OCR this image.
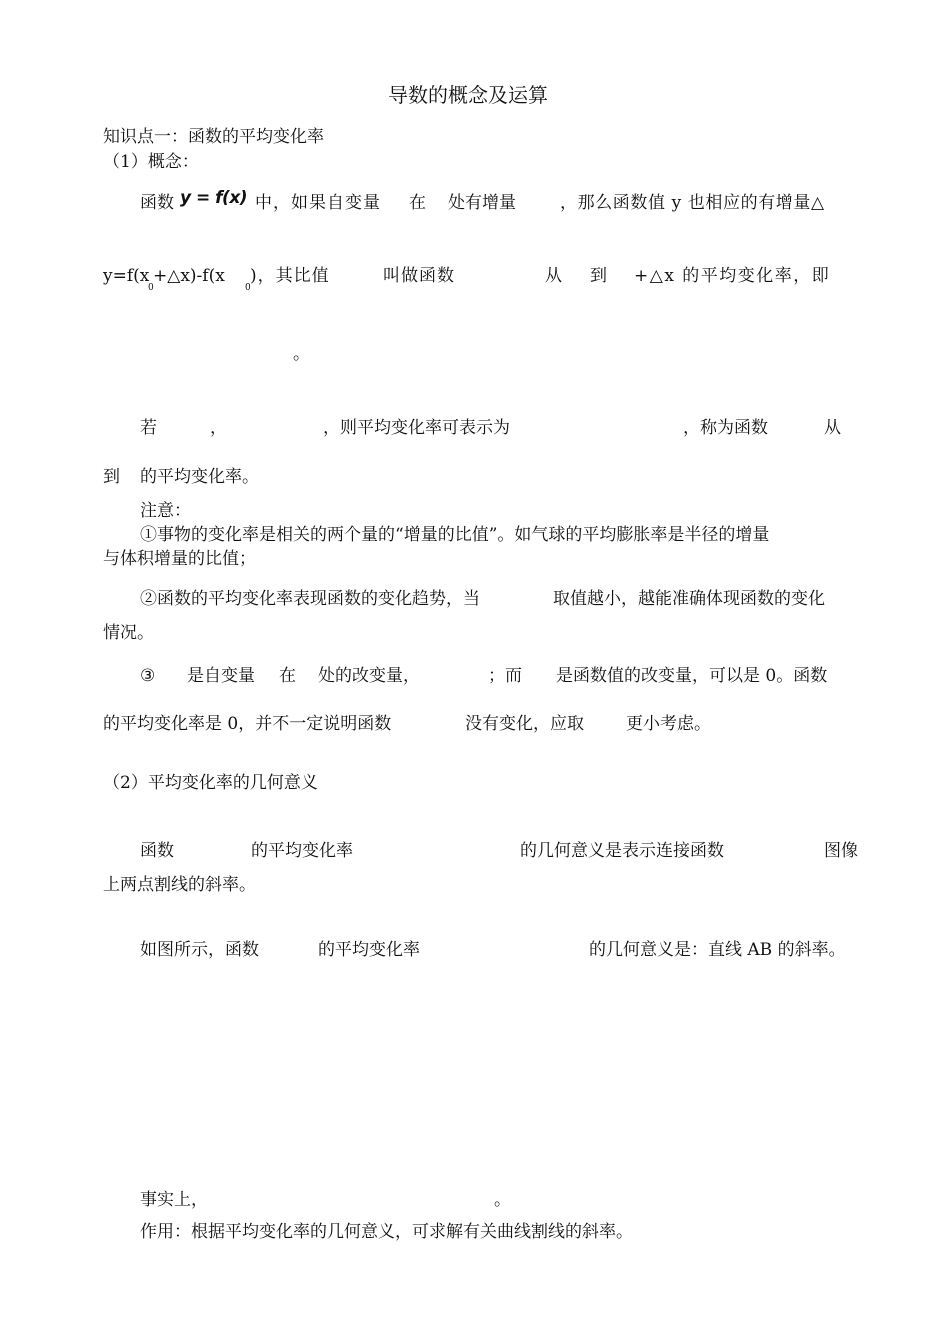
导数的概念及运算
知识点一：函数的平均变化率
（1）概念：
函数 y = f(x) 中，如果自变量 在 处有增量	，那么函数值 y 也相应的有增量△
y=f(x
0
+△x)-f(x
0
)，其比值	叫做函数	从 到 +△x 的平均变化率，即
。
若	，	，则平均变化率可表示为	，称为函数	从
到 的平均变化率。
注意：
①事物的变化率是相关的两个量的“增量的比值”。如气球的平均膨胀率是半径的增量
与体积增量的比值；
②函数的平均变化率表现函数的变化趋势，当	取值越小，越能准确体现函数的变化
情况。
③ 是自变量 在 处的改变量，	；而 是函数值的改变量，可以是 0。函数
的平均变化率是 0，并不一定说明函数	没有变化，应取 更小考虑。
（2）平均变化率的几何意义
函数	的平均变化率	的几何意义是表示连接函数	图像
上两点割线的斜率。
如图所示，函数	的平均变化率	的几何意义是：直线 AB 的斜率。
事实上，	。
作用：根据平均变化率的几何意义，可求解有关曲线割线的斜率。
